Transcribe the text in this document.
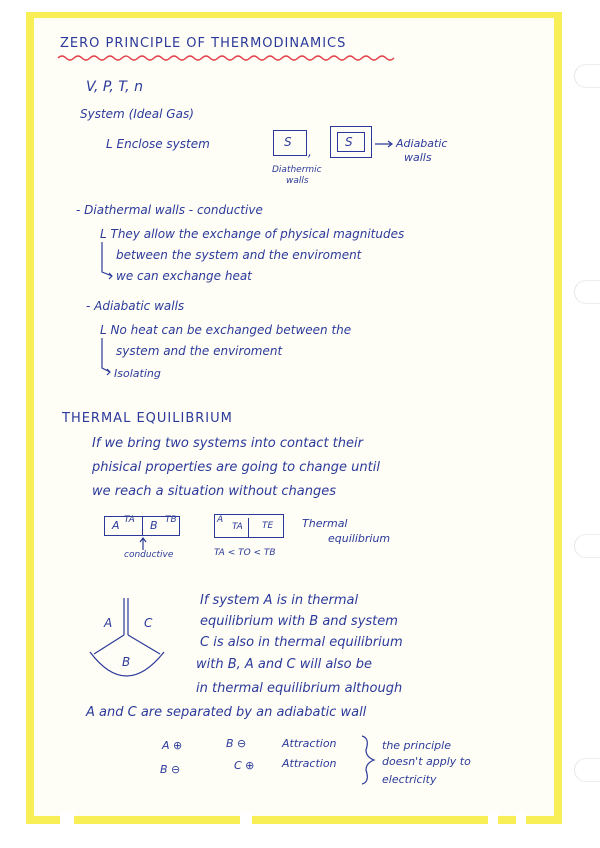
ZERO PRINCIPLE OF THERMODINAMICS
V, P, T, n
System (Ideal Gas)
L Enclose system	S
,
S	Adiabatic
walls
Diathermic
walls
- Diathermal walls - conductive
L They allow the exchange of physical magnitudes
between the system and the enviroment
we can exchange heat
- Adiabatic walls
L No heat can be exchanged between the
system and the enviroment
Isolating
THERMAL EQUILIBRIUM
If we bring two systems into contact their
phisical properties are going to change until
we reach a situation without changes
A TA B TB	A
TA TE	Thermal
equilibrium
conductive	TA < TO < TB
A	C
B
If system A is in thermal
equilibrium with B and system
C is also in thermal equilibrium
with B, A and C will also be
in thermal equilibrium although
A and C are separated by an adiabatic wall
A ⊕	B ⊖	Attraction
B ⊖	C ⊕	Attraction
the principle
doesn't apply to
electricity
